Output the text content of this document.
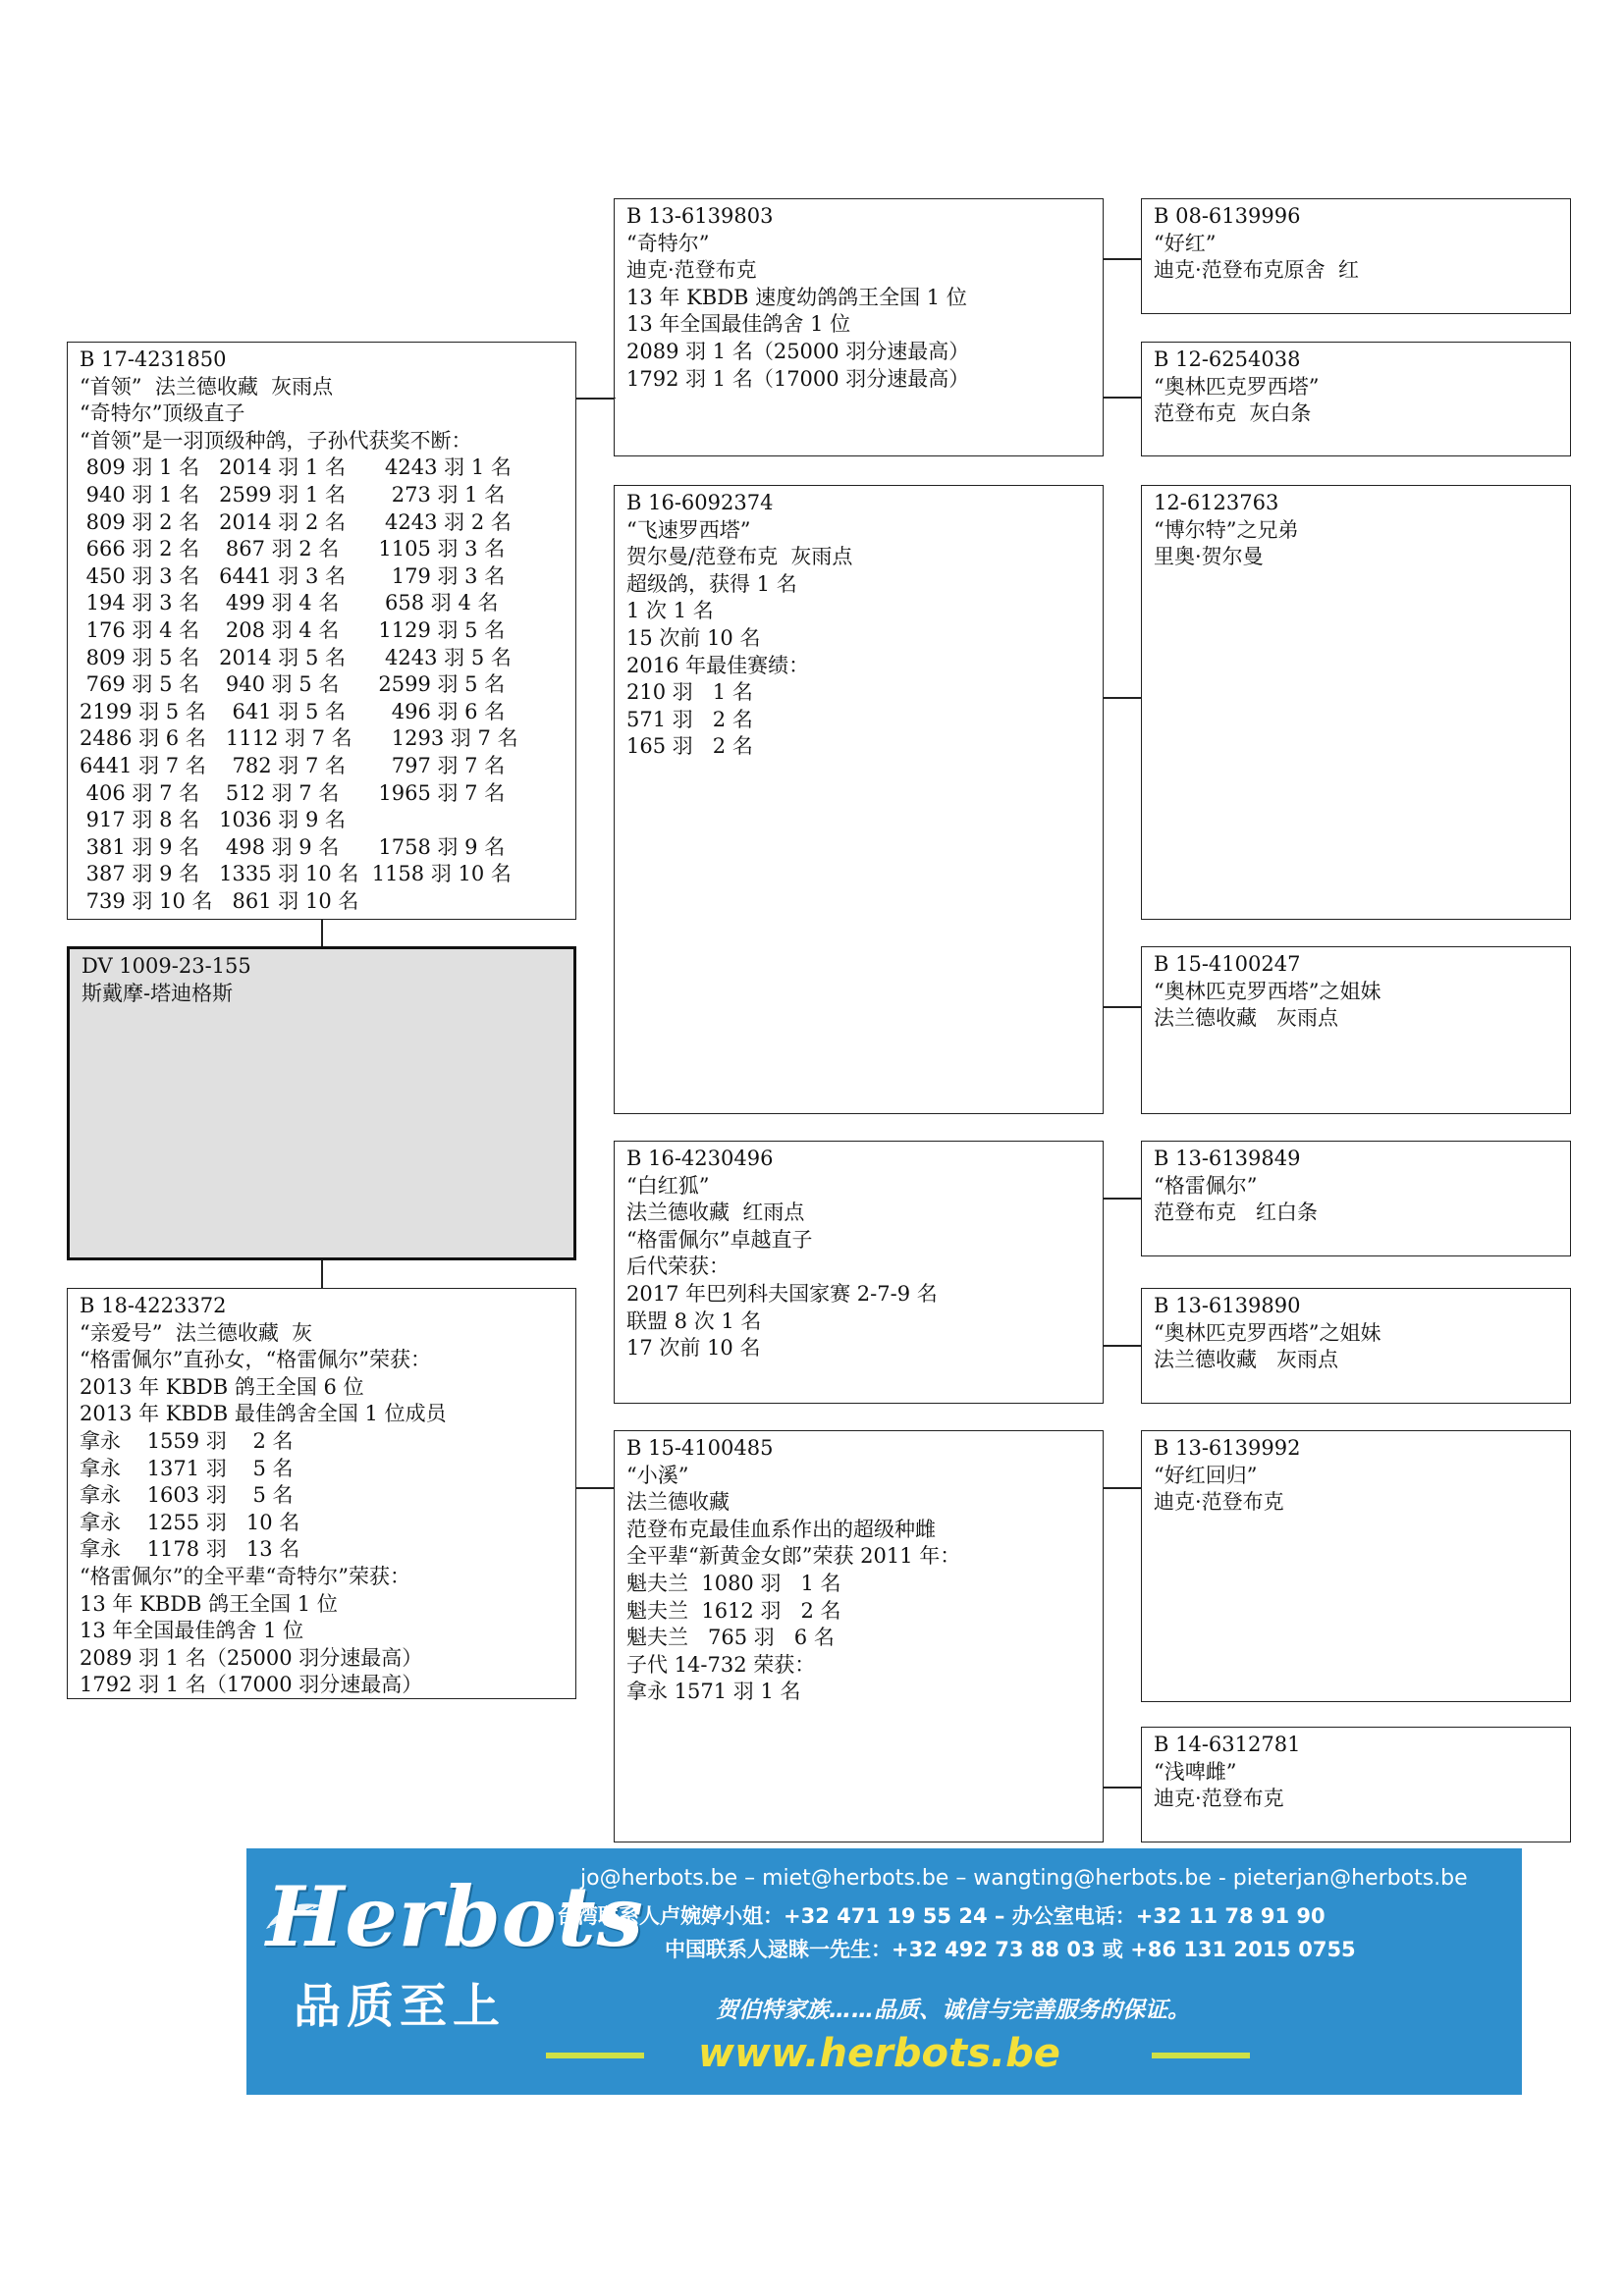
B 17-4231850
“首领”  法兰德收藏  灰雨点
“奇特尔”顶级直子
“首领”是一羽顶级种鸽，子孙代获奖不断：
809 羽 1 名   2014 羽 1 名      4243 羽 1 名
940 羽 1 名   2599 羽 1 名       273 羽 1 名
809 羽 2 名   2014 羽 2 名      4243 羽 2 名
666 羽 2 名    867 羽 2 名      1105 羽 3 名
450 羽 3 名   6441 羽 3 名       179 羽 3 名
194 羽 3 名    499 羽 4 名       658 羽 4 名
176 羽 4 名    208 羽 4 名      1129 羽 5 名
809 羽 5 名   2014 羽 5 名      4243 羽 5 名
769 羽 5 名    940 羽 5 名      2599 羽 5 名
2199 羽 5 名    641 羽 5 名       496 羽 6 名
2486 羽 6 名   1112 羽 7 名      1293 羽 7 名
6441 羽 7 名    782 羽 7 名       797 羽 7 名
406 羽 7 名    512 羽 7 名      1965 羽 7 名
917 羽 8 名   1036 羽 9 名
381 羽 9 名    498 羽 9 名      1758 羽 9 名
387 羽 9 名   1335 羽 10 名  1158 羽 10 名
739 羽 10 名   861 羽 10 名
DV 1009-23-155
斯戴摩-塔迪格斯
B 18-4223372
“亲爱号”  法兰德收藏  灰
“格雷佩尔”直孙女，“格雷佩尔”荣获：
2013 年 KBDB 鸽王全国 6 位
2013 年 KBDB 最佳鸽舍全国 1 位成员
拿永    1559 羽    2 名
拿永    1371 羽    5 名
拿永    1603 羽    5 名
拿永    1255 羽   10 名
拿永    1178 羽   13 名
“格雷佩尔”的全平辈“奇特尔”荣获：
13 年 KBDB 鸽王全国 1 位
13 年全国最佳鸽舍 1 位
2089 羽 1 名（25000 羽分速最高）
1792 羽 1 名（17000 羽分速最高）
B 13-6139803
“奇特尔”
迪克·范登布克
13 年 KBDB 速度幼鸽鸽王全国 1 位
13 年全国最佳鸽舍 1 位
2089 羽 1 名（25000 羽分速最高）
1792 羽 1 名（17000 羽分速最高）
B 16-6092374
“飞速罗西塔”
贺尔曼/范登布克  灰雨点
超级鸽，获得 1 名
1 次 1 名
15 次前 10 名
2016 年最佳赛绩：
210 羽   1 名
571 羽   2 名
165 羽   2 名
B 16-4230496
“白红狐”
法兰德收藏  红雨点
“格雷佩尔”卓越直子
后代荣获：
2017 年巴列科夫国家赛 2-7-9 名
联盟 8 次 1 名
17 次前 10 名
B 15-4100485
“小溪”
法兰德收藏
范登布克最佳血系作出的超级种雌
全平辈“新黄金女郎”荣获 2011 年：
魁夫兰  1080 羽   1 名
魁夫兰  1612 羽   2 名
魁夫兰   765 羽   6 名
子代 14-732 荣获：
拿永 1571 羽 1 名
B 08-6139996
“好红”
迪克·范登布克原舍  红
B 12-6254038
“奥林匹克罗西塔”
范登布克  灰白条
12-6123763
“博尔特”之兄弟
里奥·贺尔曼
B 15-4100247
“奥林匹克罗西塔”之姐妹
法兰德收藏   灰雨点
B 13-6139849
“格雷佩尔”
范登布克   红白条
B 13-6139890
“奥林匹克罗西塔”之姐妹
法兰德收藏   灰雨点
B 13-6139992
“好红回归”
迪克·范登布克
B 14-6312781
“浅啤雌”
迪克·范登布克
Herbots
品质至上
jo@herbots.be – miet@herbots.be – wangting@herbots.be - pieterjan@herbots.be
台湾联系人卢婉婷小姐：+32 471 19 55 24 – 办公室电话：+32 11 78 91 90
中国联系人逯睐一先生：+32 492 73 88 03 或 +86 131 2015 0755
贺伯特家族……品质、诚信与完善服务的保证。
www.herbots.be
